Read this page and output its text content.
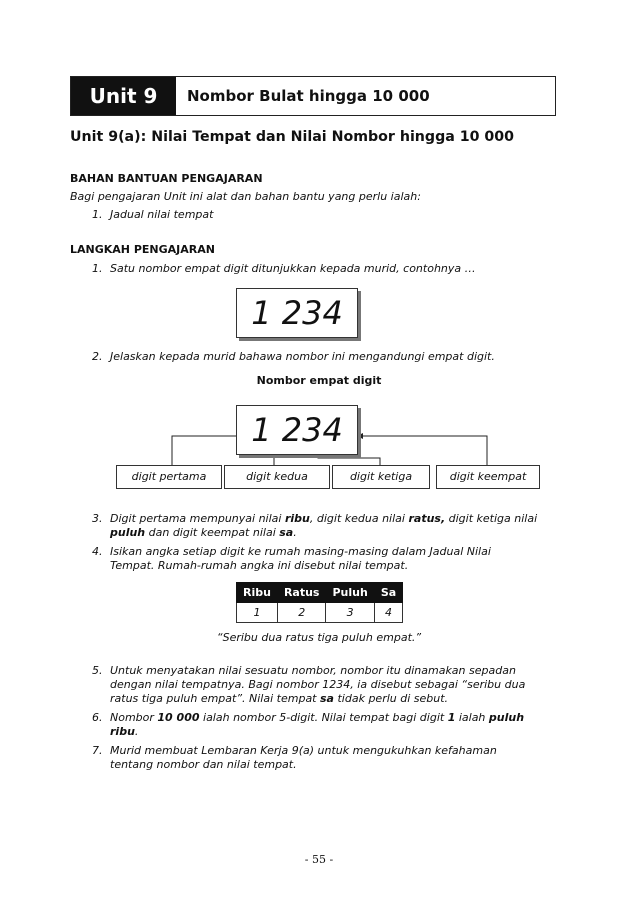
Unit 9	Nombor Bulat hingga 10 000
Unit 9(a): Nilai Tempat dan Nilai Nombor hingga 10 000
BAHAN BANTUAN PENGAJARAN
Bagi pengajaran Unit ini alat dan bahan bantu yang perlu ialah:
1. Jadual nilai tempat
LANGKAH PENGAJARAN
1. Satu nombor empat digit ditunjukkan kepada murid, contohnya …
1 234
2. Jelaskan kepada murid bahawa nombor ini mengandungi empat digit.
Nombor empat digit
1 234
digit pertama	digit kedua	digit ketiga	digit keempat
3. Digit pertama mempunyai nilai ribu, digit kedua nilai ratus, digit ketiga nilai
puluh dan digit keempat nilai sa.
4. Isikan angka setiap digit ke rumah masing-masing dalam Jadual Nilai
Tempat. Rumah-rumah angka ini disebut nilai tempat.
Ribu	Ratus	Puluh	Sa
1	2	3	4
“Seribu dua ratus tiga puluh empat.”
5. Untuk menyatakan nilai sesuatu nombor, nombor itu dinamakan sepadan
dengan nilai tempatnya. Bagi nombor 1234, ia disebut sebagai “seribu dua
ratus tiga puluh empat”. Nilai tempat sa tidak perlu di sebut.
6. Nombor 10 000 ialah nombor 5-digit. Nilai tempat bagi digit 1 ialah puluh
ribu.
7. Murid membuat Lembaran Kerja 9(a) untuk mengukuhkan kefahaman
tentang nombor dan nilai tempat.
- 55 -
